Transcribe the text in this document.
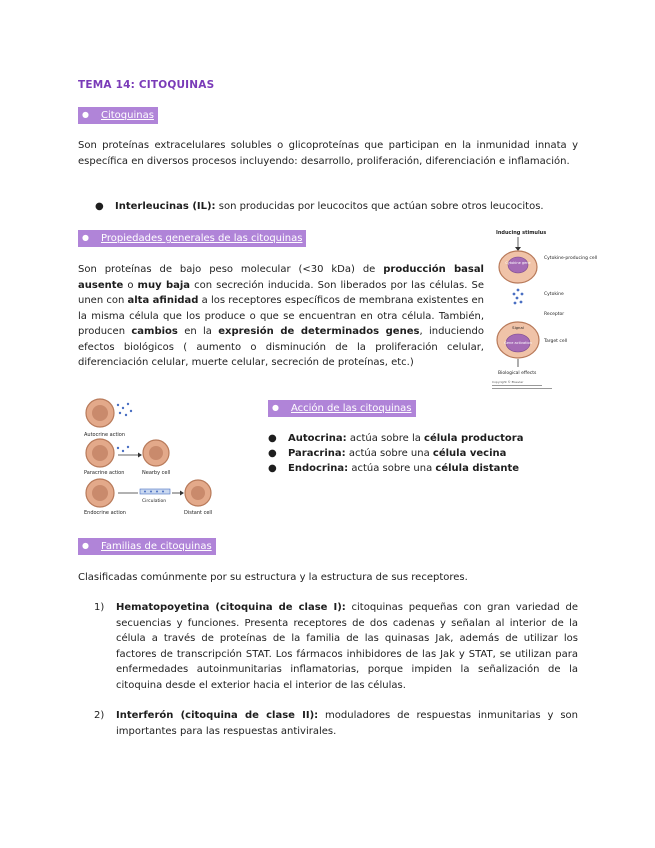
TEMA 14: CITOQUINAS
● Citoquinas
Son proteínas extracelulares solubles o glicoproteínas que participan en la inmunidad innata y específica en diversos procesos incluyendo: desarrollo, proliferación, diferenciación e inflamación.
● Interleucinas (IL): son producidas por leucocitos que actúan sobre otros leucocitos.
● Propiedades generales de las citoquinas
Son proteínas de bajo peso molecular (<30 kDa) de producción basal ausente o muy baja con secreción inducida. Son liberados por las células. Se unen con alta afinidad a los receptores específicos de membrana existentes en la misma célula que los produce o que se encuentran en otra célula. También, producen cambios en la expresión de determinados genes, induciendo efectos biológicos ( aumento o disminución de la proliferación celular, diferenciación celular, muerte celular, secreción de proteínas, etc.)
Inducing stimulus
Cytokine gene
Cytokine-producing cell
Cytokine
Receptor
Signal
Gene activation	Target cell
Biological effects
Copyright © Elsevier
Autocrine action
Paracrine action	Nearby cell
Circulation
Endocrine action	Distant cell
● Acción de las citoquinas
● Autocrina: actúa sobre la célula productora
● Paracrina: actúa sobre una célula vecina
● Endocrina: actúa sobre una célula distante
● Familias de citoquinas
Clasificadas comúnmente por su estructura y la estructura de sus receptores.
1) Hematopoyetina (citoquina de clase I): citoquinas pequeñas con gran variedad de secuencias y funciones. Presenta receptores de dos cadenas y señalan al interior de la célula a través de proteínas de la familia de las quinasas Jak, además de utilizar los factores de transcripción STAT. Los fármacos inhibidores de las Jak y STAT, se utilizan para enfermedades autoinmunitarias inflamatorias, porque impiden la señalización de la citoquina desde el exterior hacia el interior de las células.
2) Interferón (citoquina de clase II): moduladores de respuestas inmunitarias y son importantes para las respuestas antivirales.
